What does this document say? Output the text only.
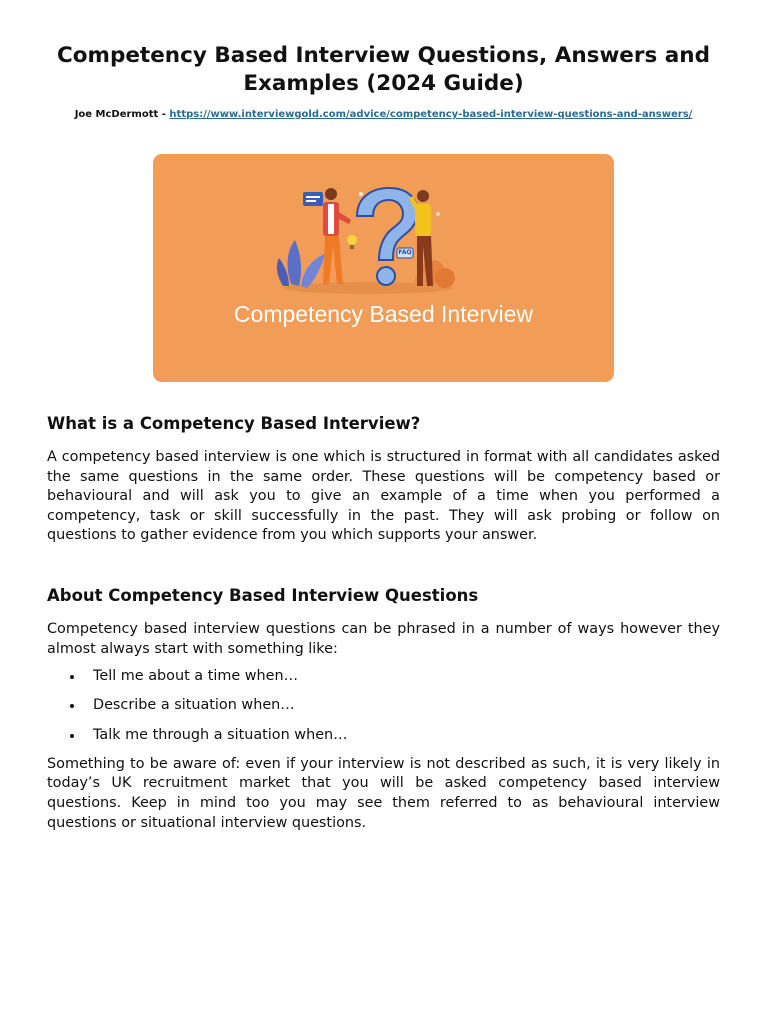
Competency Based Interview Questions, Answers and Examples (2024 Guide)
Joe McDermott - https://www.interviewgold.com/advice/competency-based-interview-questions-and-answers/
FAQ
Competency Based Interview
What is a Competency Based Interview?

A competency based interview is one which is structured in format with all candidates asked the same questions in the same order. These questions will be competency based or behavioural and will ask you to give an example of a time when you performed a competency, task or skill successfully in the past. They will ask probing or follow on questions to gather evidence from you which supports your answer.

About Competency Based Interview Questions

Competency based interview questions can be phrased in a number of ways however they almost always start with something like:

Tell me about a time when…
Describe a situation when…
Talk me through a situation when…

Something to be aware of: even if your interview is not described as such, it is very likely in today’s UK recruitment market that you will be asked competency based interview questions. Keep in mind too you may see them referred to as behavioural interview questions or situational interview questions.
